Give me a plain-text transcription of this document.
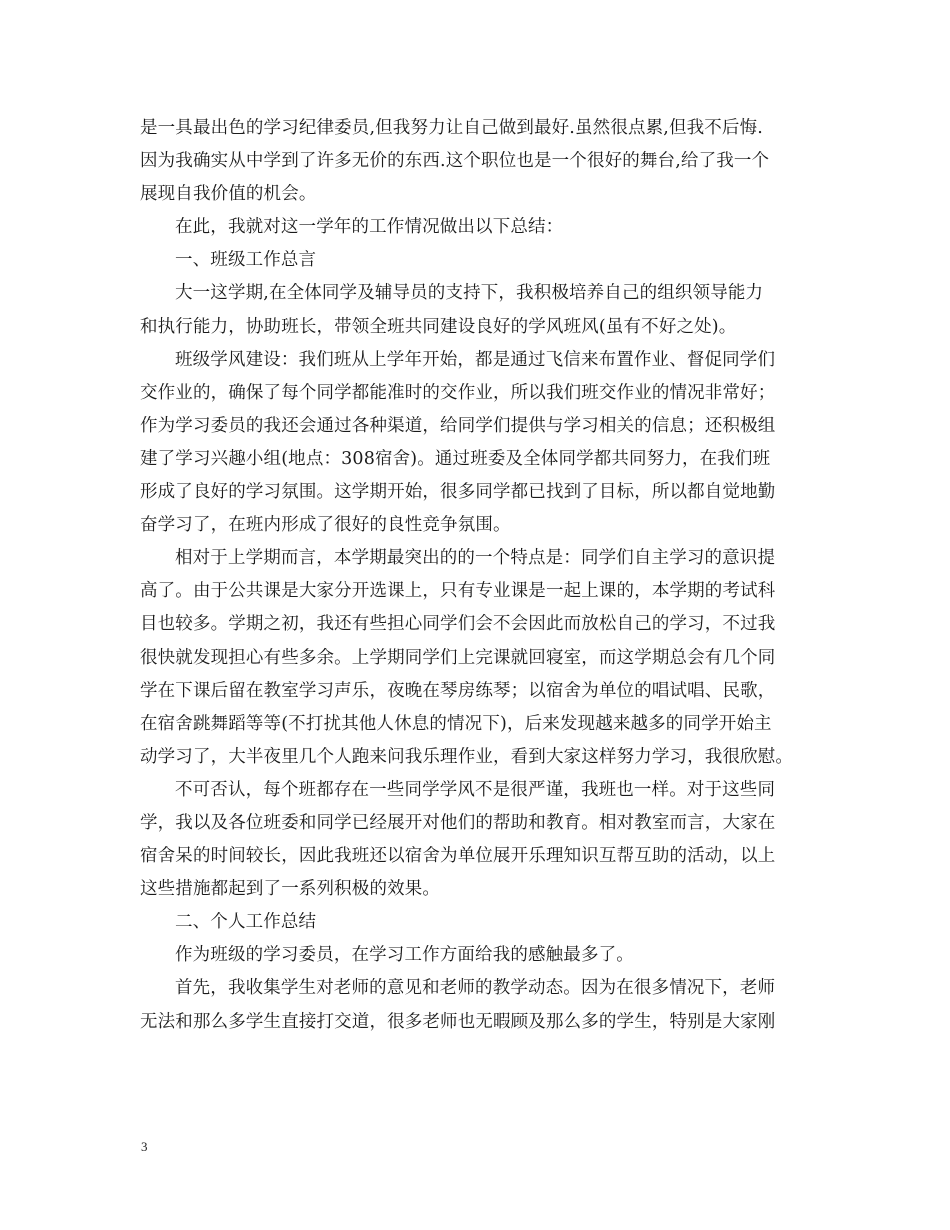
是一具最出色的学习纪律委员,但我努力让自己做到最好.虽然很点累,但我不后悔.
因为我确实从中学到了许多无价的东西.这个职位也是一个很好的舞台,给了我一个
展现自我价值的机会。
在此，我就对这一学年的工作情况做出以下总结：
一、班级工作总言
大一这学期,在全体同学及辅导员的支持下，我积极培养自己的组织领导能力
和执行能力，协助班长，带领全班共同建设良好的学风班风(虽有不好之处)。
班级学风建设：我们班从上学年开始，都是通过飞信来布置作业、督促同学们
交作业的，确保了每个同学都能准时的交作业，所以我们班交作业的情况非常好；
作为学习委员的我还会通过各种渠道，给同学们提供与学习相关的信息；还积极组
建了学习兴趣小组(地点：308宿舍)。通过班委及全体同学都共同努力，在我们班
形成了良好的学习氛围。这学期开始，很多同学都已找到了目标，所以都自觉地勤
奋学习了，在班内形成了很好的良性竞争氛围。
相对于上学期而言，本学期最突出的的一个特点是：同学们自主学习的意识提
高了。由于公共课是大家分开选课上，只有专业课是一起上课的，本学期的考试科
目也较多。学期之初，我还有些担心同学们会不会因此而放松自己的学习，不过我
很快就发现担心有些多余。上学期同学们上完课就回寝室，而这学期总会有几个同
学在下课后留在教室学习声乐，夜晚在琴房练琴；以宿舍为单位的唱试唱、民歌，
在宿舍跳舞蹈等等(不打扰其他人休息的情况下)，后来发现越来越多的同学开始主
动学习了，大半夜里几个人跑来问我乐理作业，看到大家这样努力学习，我很欣慰。
不可否认，每个班都存在一些同学学风不是很严谨，我班也一样。对于这些同
学，我以及各位班委和同学已经展开对他们的帮助和教育。相对教室而言，大家在
宿舍呆的时间较长，因此我班还以宿舍为单位展开乐理知识互帮互助的活动，以上
这些措施都起到了一系列积极的效果。
二、个人工作总结
作为班级的学习委员，在学习工作方面给我的感触最多了。
首先，我收集学生对老师的意见和老师的教学动态。因为在很多情况下，老师
无法和那么多学生直接打交道，很多老师也无暇顾及那么多的学生，特别是大家刚
3
